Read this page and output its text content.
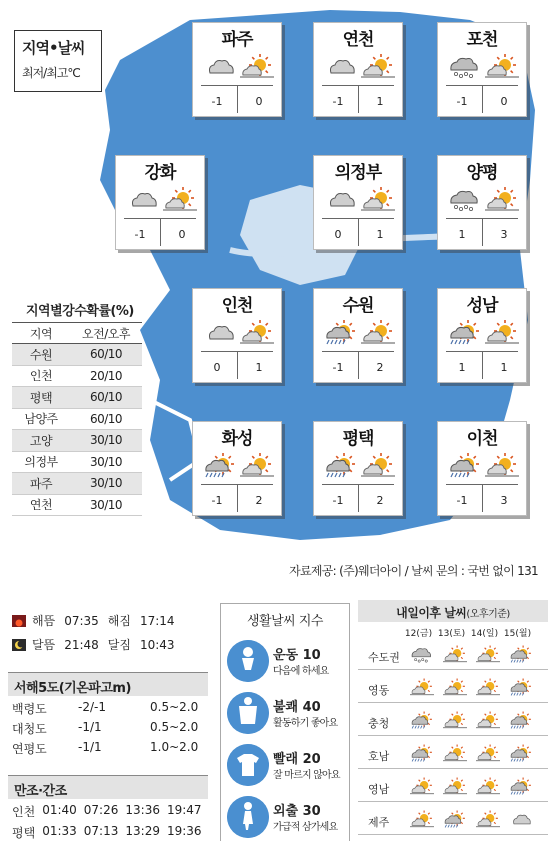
지역•날씨
최저/최고℃
파주
-1	0
연천
-1	1
포천
-1	0
강화
-1	0
의정부
0	1
양평
1	3
인천
0	1
수원
-1	2
성남
1	1
화성
-1	2
평택
-1	2
이천
-1	3
지역별강수확률(%)
지역	오전/오후
수원	60/10
인천	20/10
평택	60/10
남양주	60/10
고양	30/10
의정부	30/10
파주	30/10
연천	30/10
자료제공: (주)웨더아이 / 날씨 문의 : 국번 없이 131
해뜸 07:35 해짐 17:14
달뜸 21:48 달짐 10:43
서해5도(기온파고m)
백령도	-2/-1	0.5~2.0
대청도	-1/1	0.5~2.0
연평도	-1/1	1.0~2.0
만조·간조
인천 01:40 07:26 13:36 19:47
평택 01:33 07:13 13:29 19:36
생활날씨 지수
운동 10
다음에 하세요
불쾌 40
활동하기 좋아요
빨래 20
잘 마르지 않아요
외출 30
가급적 삼가세요
내일이후 날씨(오후기준)
12(금) 13(토) 14(일) 15(월)
수도권
영동
충청
호남
영남
제주
